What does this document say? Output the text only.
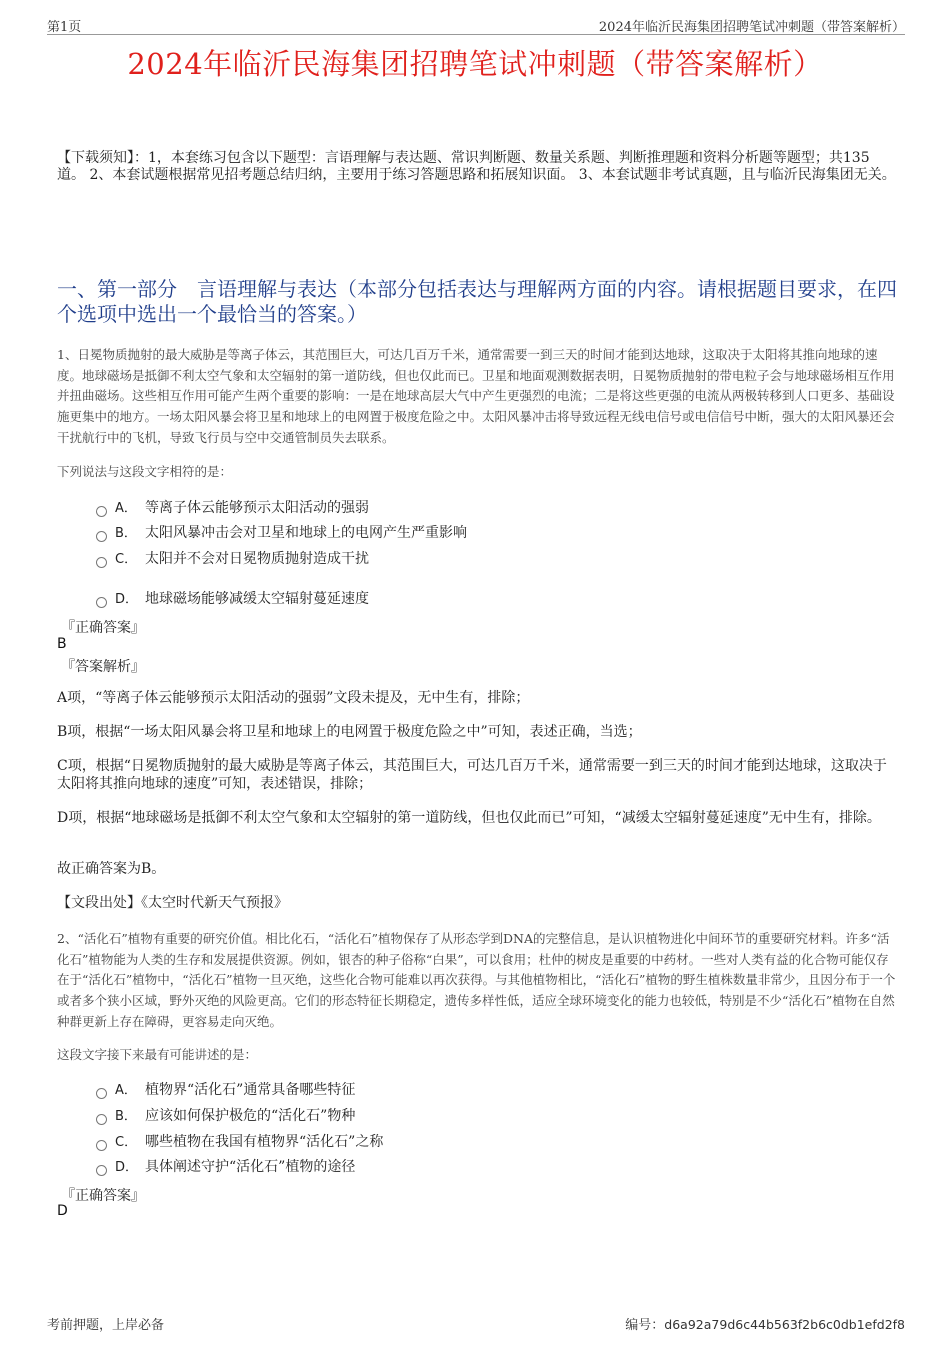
第1页	2024年临沂民海集团招聘笔试冲刺题（带答案解析）
2024年临沂民海集团招聘笔试冲刺题（带答案解析）
【下载须知】：1，本套练习包含以下题型：言语理解与表达题、常识判断题、数量关系题、判断推理题和资料分析题等题型；共135道。 2、本套试题根据常见招考题总结归纳，主要用于练习答题思路和拓展知识面。 3、本套试题非考试真题，且与临沂民海集团无关。
一、第一部分　言语理解与表达（本部分包括表达与理解两方面的内容。请根据题目要求，在四个选项中选出一个最恰当的答案。）
1、日冕物质抛射的最大威胁是等离子体云，其范围巨大，可达几百万千米，通常需要一到三天的时间才能到达地球，这取决于太阳将其推向地球的速度。地球磁场是抵御不利太空气象和太空辐射的第一道防线，但也仅此而已。卫星和地面观测数据表明，日冕物质抛射的带电粒子会与地球磁场相互作用并扭曲磁场。这些相互作用可能产生两个重要的影响：一是在地球高层大气中产生更强烈的电流；二是将这些更强的电流从两极转移到人口更多、基础设施更集中的地方。一场太阳风暴会将卫星和地球上的电网置于极度危险之中。太阳风暴冲击将导致远程无线电信号或电信信号中断，强大的太阳风暴还会干扰航行中的飞机，导致飞行员与空中交通管制员失去联系。
下列说法与这段文字相符的是：
A． 等离子体云能够预示太阳活动的强弱
B． 太阳风暴冲击会对卫星和地球上的电网产生严重影响
C． 太阳并不会对日冕物质抛射造成干扰
D． 地球磁场能够减缓太空辐射蔓延速度
『正确答案』
B
『答案解析』
A项，“等离子体云能够预示太阳活动的强弱”文段未提及，无中生有，排除；
B项，根据“一场太阳风暴会将卫星和地球上的电网置于极度危险之中”可知，表述正确，当选；
C项，根据“日冕物质抛射的最大威胁是等离子体云，其范围巨大，可达几百万千米，通常需要一到三天的时间才能到达地球，这取决于太阳将其推向地球的速度”可知，表述错误，排除；
D项，根据“地球磁场是抵御不利太空气象和太空辐射的第一道防线，但也仅此而已”可知，“减缓太空辐射蔓延速度”无中生有，排除。
故正确答案为B。
【文段出处】《太空时代新天气预报》
2、“活化石”植物有重要的研究价值。相比化石，“活化石”植物保存了从形态学到DNA的完整信息，是认识植物进化中间环节的重要研究材料。许多“活化石”植物能为人类的生存和发展提供资源。例如，银杏的种子俗称“白果”，可以食用；杜仲的树皮是重要的中药材。一些对人类有益的化合物可能仅存在于“活化石”植物中，“活化石”植物一旦灭绝，这些化合物可能难以再次获得。与其他植物相比，“活化石”植物的野生植株数量非常少，且因分布于一个或者多个狭小区域，野外灭绝的风险更高。它们的形态特征长期稳定，遗传多样性低，适应全球环境变化的能力也较低，特别是不少“活化石”植物在自然种群更新上存在障碍，更容易走向灭绝。
这段文字接下来最有可能讲述的是：
A． 植物界“活化石”通常具备哪些特征
B． 应该如何保护极危的“活化石”物种
C． 哪些植物在我国有植物界“活化石”之称
D． 具体阐述守护“活化石”植物的途径
『正确答案』
D
考前押题，上岸必备	编号：d6a92a79d6c44b563f2b6c0db1efd2f8
